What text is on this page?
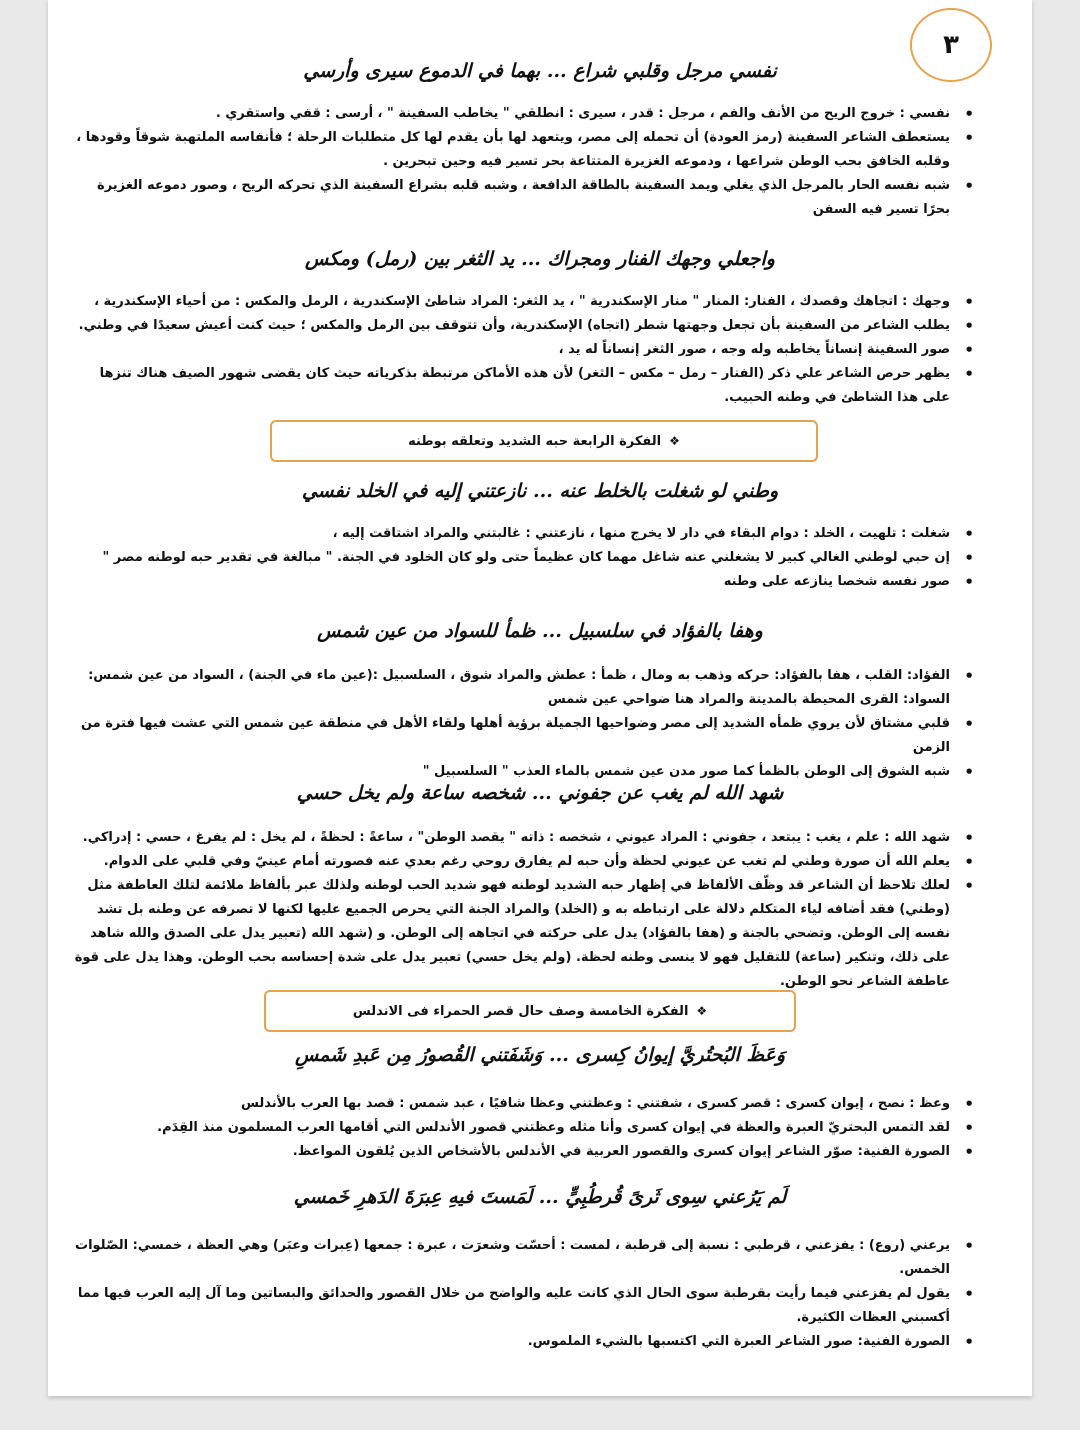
٣
نفسي مرجل وقلبي شراع ... بهما في الدموع سيرى وأرسي
• نفسي : خروج الريح من الأنف والفم ، مرجل : قدر ، سيرى : انطلقي " يخاطب السفينة " ، أرسى : قفي واستقري .
• يستعطف الشاعر السفينة (رمز العودة) أن تحمله إلى مصر، ويتعهد لها بأن يقدم لها كل متطلبات الرحلة ؛ فأنفاسه الملتهبة شوقاً وقودها ، وقلبه الخافق بحب الوطن شراعها ، ودموعه الغزيرة المتتاعة بحر تسير فيه وحين تبحرين .
• شبه نفسه الحار بالمرجل الذي يغلي ويمد السفينة بالطاقة الدافعة ، وشبه قلبه بشراع السفينة الذي تحركه الريح ، وصور دموعه الغزيرة بحرًا تسير فيه السفن
واجعلي وجهك الفنار ومجراك ... يد الثغر بين (رمل) ومكس
• وجهك : اتجاهك وقصدك ، الفنار: المنار " منار الإسكندرية " ، يد الثغر: المراد شاطئ الإسكندرية ، الرمل والمكس : من أحياء الإسكندرية ،
• يطلب الشاعر من السفينة بأن تجعل وجهتها شطر (اتجاه) الإسكندرية، وأن تتوقف بين الرمل والمكس ؛ حيث كنت أعيش سعيدًا في وطني.
• صور السفينة إنساناً يخاطبه وله وجه ، صور الثغر إنساناً له يد ،
• يظهر حرص الشاعر علي ذكر (الفنار – رمل – مكس – الثغر) لأن هذه الأماكن مرتبطة بذكرياته حيث كان يقضى شهور الصيف هناك تنزها على هذا الشاطئ في وطنه الحبيب.
❖
الفكرة الرابعة حبه الشديد وتعلقه بوطنه
وطني لو شغلت بالخلط عنه ... نازعتني إليه في الخلد نفسي
• شغلت : تلهيت ، الخلد : دوام البقاء في دار لا يخرج منها ، نازعتني : غالبتني والمراد اشتاقت إليه ،
• إن حبي لوطني الغالي كبير لا يشغلني عنه شاغل مهما كان عظيماً حتى ولو كان الخلود في الجنة. " مبالغة في تقدير حبه لوطنه مصر "
• صور نفسه شخصا ينازعه على وطنه
وهفا بالفؤاد في سلسبيل ... ظمأ للسواد من عين شمس
• الفؤاد: القلب ، هفا بالفؤاد: حركه وذهب به ومال ، ظمأ : عطش والمراد شوق ، السلسبيل :(عين ماء في الجنة) ، السواد من عين شمس: السواد: القرى المحيطة بالمدينة والمراد هنا ضواحي عين شمس
• قلبي مشتاق لأن يروي ظمأه الشديد إلى مصر وضواحيها الجميلة برؤية أهلها ولقاء الأهل في منطقة عين شمس التي عشت فيها فترة من الزمن
• شبه الشوق إلى الوطن بالظمأ كما صور مدن عين شمس بالماء العذب " السلسبيل "
شهد الله لم يغب عن جفوني ... شخصه ساعة ولم يخل حسي
• شهد الله : علم ، يغب : يبتعد ، جفوني : المراد عيوني ، شخصه : ذاته " يقصد الوطن" ، ساعةً : لحظةً ، لم يخل : لم يفرغ ، حسي : إدراكي.
• يعلم الله أن صورة وطني لم تغب عن عيوني لحظة وأن حبه لم يفارق روحي رغم بعدي عنه فصورته أمام عينيّ وفي قلبي على الدوام.
• لعلك تلاحظ أن الشاعر قد وظّف الألفاظ في إظهار حبه الشديد لوطنه فهو شديد الحب لوطنه ولذلك عبر بألفاظ ملائمة لتلك العاطفة مثل (وطني) فقد أضافه لياء المتكلم دلالة على ارتباطه به و (الخلد) والمراد الجنة التي يحرص الجميع عليها لكنها لا تصرفه عن وطنه بل تشد نفسه إلى الوطن. وتضحي بالجنة و (هفا بالفؤاد) يدل على حركته في اتجاهه إلى الوطن. و (شهد الله (تعبير يدل على الصدق والله شاهد على ذلك، وتنكير (ساعة) للتقليل فهو لا ينسى وطنه لحظة. (ولم يخل حسي) تعبير يدل على شدة إحساسه بحب الوطن. وهذا يدل على قوة عاطفة الشاعر نحو الوطن.
❖
الفكرة الخامسة وصف حال قصر الحمراء فى الاندلس
وَعَظَ البُحتُريَّ إيوانُ كِسرى ... وَشَفَتني القُصورُ مِن عَبدِ شَمسِ
• وعظ : نصح ، إيوان كسرى : قصر كسرى ، شفتني : وعظتني وعظا شافيًا ، عبد شمس : قصد بها العرب بالأندلس
• لقد التمس البحتريّ العبرة والعظة في إيوان كسرى وأنا مثله وعظتني قصور الأندلس التي أقامها العرب المسلمون منذ القِدَم.
• الصورة الفنية: صوّر الشاعر إيوان كسرى والقصور العربية في الأندلس بالأشخاص الذين يُلقون المواعظ.
لَم يَرُعني سِوى ثَرىً قُرطُبِيٍّ ... لَمَستَ فيهِ عِبرَةَ الدَهرِ خَمسي
• يرعني (روع) : يفزعني ، قرطبي : نسبة إلى قرطبة ، لمست : أحسّت وشعرَت ، عبرة : جمعها (عِبرات وعبَر) وهي العظة ، خمسي: الصّلوات الخمس.
• يقول لم يفزعني فيما رأيت بقرطبة سوى الحال الذي كانت عليه والواضح من خلال القصور والحدائق والبساتين وما آل إليه العرب فيها مما أكسبني العظات الكثيرة.
• الصورة الفنية: صور الشاعر العبرة التي اكتسبها بالشيء الملموس.
